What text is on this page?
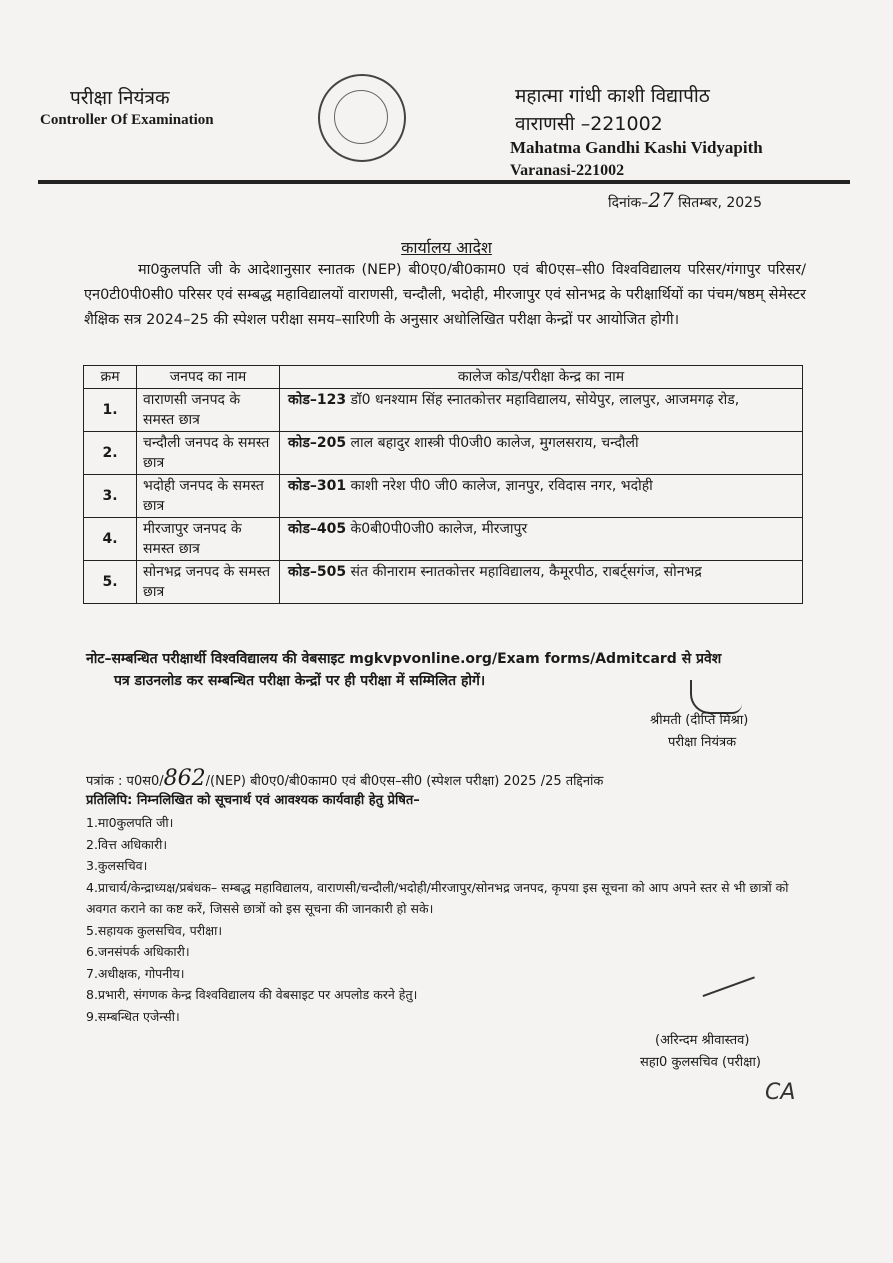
परीक्षा नियंत्रक
Controller Of Examination
महात्मा गांधी काशी विद्यापीठ
वाराणसी –221002
Mahatma Gandhi Kashi Vidyapith
Varanasi-221002
दिनांक–27 सितम्बर, 2025
कार्यालय आदेश
मा0कुलपति जी के आदेशानुसार स्नातक (NEP) बी0ए0/बी0काम0 एवं बी0एस–सी0 विश्वविद्यालय परिसर/गंगापुर परिसर/एन0टी0पी0सी0 परिसर एवं सम्बद्ध महाविद्यालयों वाराणसी, चन्दौली, भदोही, मीरजापुर एवं सोनभद्र के परीक्षार्थियों का पंचम/षष्ठम् सेमेस्टर शैक्षिक सत्र 2024–25 की स्पेशल परीक्षा समय–सारिणी के अनुसार अधोलिखित परीक्षा केन्द्रों पर आयोजित होगी।
क्रम	जनपद का नाम	कालेज कोड/परीक्षा केन्द्र का नाम
1.	वाराणसी जनपद के समस्त छात्र	कोड–123 डॉ0 धनश्याम सिंह स्नातकोत्तर महाविद्यालय, सोयेपुर, लालपुर, आजमगढ़ रोड,
2.	चन्दौली जनपद के समस्त छात्र	कोड–205 लाल बहादुर शास्त्री पी0जी0 कालेज, मुगलसराय, चन्दौली
3.	भदोही जनपद के समस्त छात्र	कोड–301 काशी नरेश पी0 जी0 कालेज, ज्ञानपुर, रविदास नगर, भदोही
4.	मीरजापुर जनपद के समस्त छात्र	कोड–405 के0बी0पी0जी0 कालेज, मीरजापुर
5.	सोनभद्र जनपद के समस्त छात्र	कोड–505 संत कीनाराम स्नातकोत्तर महाविद्यालय, कैमूरपीठ, राबर्ट्सगंज, सोनभद्र
नोट–सम्बन्धित परीक्षार्थी विश्वविद्यालय की वेबसाइट mgkvpvonline.org/Exam forms/Admitcard से प्रवेश
पत्र डाउनलोड कर सम्बन्धित परीक्षा केन्द्रों पर ही परीक्षा में सम्मिलित होगें।
श्रीमती (दीप्ति मिश्रा)
परीक्षा नियंत्रक
पत्रांक : प0स0/862/(NEP) बी0ए0/बी0काम0 एवं बी0एस–सी0 (स्पेशल परीक्षा) 2025 /25 तद्दिनांक
प्रतिलिपि: निम्नलिखित को सूचनार्थ एवं आवश्यक कार्यवाही हेतु प्रेषित–
1.मा0कुलपति जी।
2.वित्त अधिकारी।
3.कुलसचिव।
4.प्राचार्य/केन्द्राध्यक्ष/प्रबंधक– सम्बद्ध महाविद्यालय, वाराणसी/चन्दौली/भदोही/मीरजापुर/सोनभद्र जनपद, कृपया इस सूचना को आप अपने स्तर से भी छात्रों को अवगत कराने का कष्ट करें, जिससे छात्रों को इस सूचना की जानकारी हो सके।
5.सहायक कुलसचिव, परीक्षा।
6.जनसंपर्क अधिकारी।
7.अधीक्षक, गोपनीय।
8.प्रभारी, संगणक केन्द्र विश्वविद्यालय की वेबसाइट पर अपलोड करने हेतु।
9.सम्बन्धित एजेन्सी।
(अरिन्दम श्रीवास्तव)
सहा0 कुलसचिव (परीक्षा)
CA
